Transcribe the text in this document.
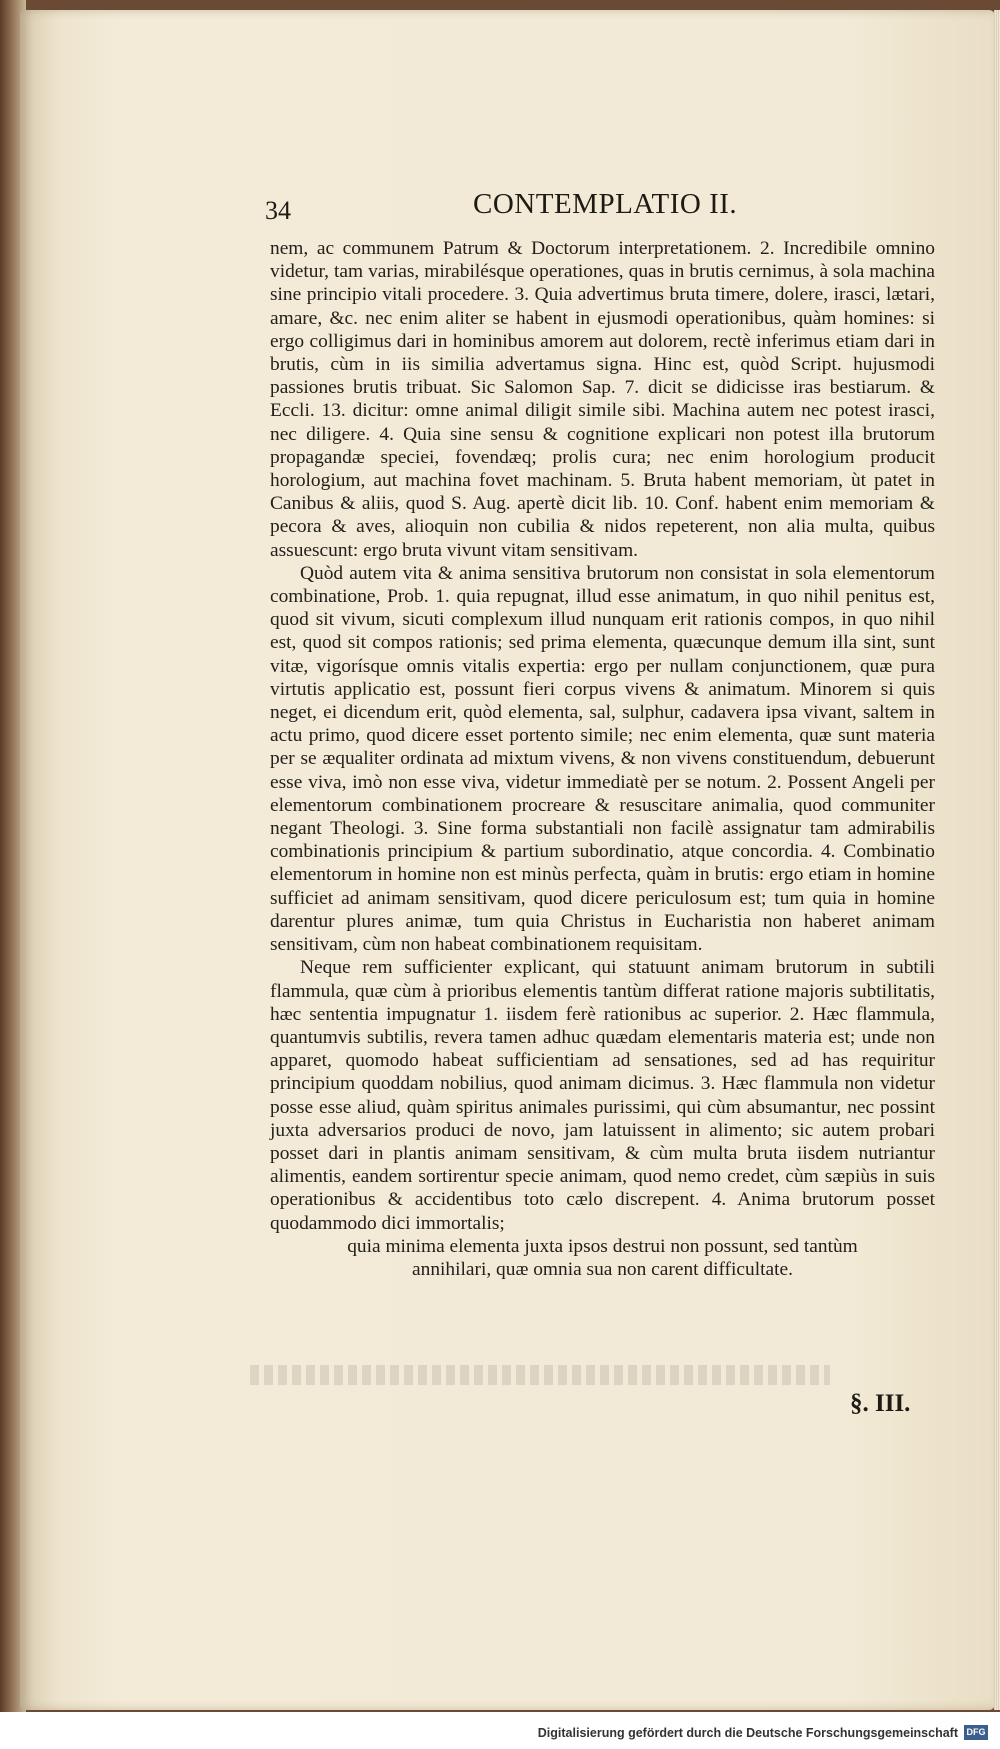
34	CONTEMPLATIO II.

nem, ac communem Patrum & Doctorum interpretationem. 2. Incredibile omnino videtur, tam varias, mirabilésque operationes, quas in brutis cernimus, à sola machina sine principio vitali procedere. 3. Quia advertimus bruta timere, dolere, irasci, lætari, amare, &c. nec enim aliter se habent in ejusmodi operationibus, quàm homines: si ergo colligimus dari in hominibus amorem aut dolorem, rectè inferimus etiam dari in brutis, cùm in iis similia advertamus signa. Hinc est, quòd Script. hujusmodi passiones brutis tribuat. Sic Salomon Sap. 7. dicit se didicisse iras bestiarum. & Eccli. 13. dicitur: omne animal diligit simile sibi. Machina autem nec potest irasci, nec diligere. 4. Quia sine sensu & cognitione explicari non potest illa brutorum propagandæ speciei, fovendæq; prolis cura; nec enim horologium producit horologium, aut machina fovet machinam. 5. Bruta habent memoriam, ùt patet in Canibus & aliis, quod S. Aug. apertè dicit lib. 10. Conf. habent enim memoriam & pecora & aves, alioquin non cubilia & nidos repeterent, non alia multa, quibus assuescunt: ergo bruta vivunt vitam sensitivam.

Quòd autem vita & anima sensitiva brutorum non consistat in sola elementorum combinatione, Prob. 1. quia repugnat, illud esse animatum, in quo nihil penitus est, quod sit vivum, sicuti complexum illud nunquam erit rationis compos, in quo nihil est, quod sit compos rationis; sed prima elementa, quæcunque demum illa sint, sunt vitæ, vigorísque omnis vitalis expertia: ergo per nullam conjunctionem, quæ pura virtutis applicatio est, possunt fieri corpus vivens & animatum. Minorem si quis neget, ei dicendum erit, quòd elementa, sal, sulphur, cadavera ipsa vivant, saltem in actu primo, quod dicere esset portento simile; nec enim elementa, quæ sunt materia per se æqualiter ordinata ad mixtum vivens, & non vivens constituendum, debuerunt esse viva, imò non esse viva, videtur immediatè per se notum. 2. Possent Angeli per elementorum combinationem procreare & resuscitare animalia, quod communiter negant Theologi. 3. Sine forma substantiali non facilè assignatur tam admirabilis combinationis principium & partium subordinatio, atque concordia. 4. Combinatio elementorum in homine non est minùs perfecta, quàm in brutis: ergo etiam in homine sufficiet ad animam sensitivam, quod dicere periculosum est; tum quia in homine darentur plures animæ, tum quia Christus in Eucharistia non haberet animam sensitivam, cùm non habeat combinationem requisitam.

Neque rem sufficienter explicant, qui statuunt animam brutorum in subtili flammula, quæ cùm à prioribus elementis tantùm differat ratione majoris subtilitatis, hæc sententia impugnatur 1. iisdem ferè rationibus ac superior. 2. Hæc flammula, quantumvis subtilis, revera tamen adhuc quædam elementaris materia est; unde non apparet, quomodo habeat sufficientiam ad sensationes, sed ad has requiritur principium quoddam nobilius, quod animam dicimus. 3. Hæc flammula non videtur posse esse aliud, quàm spiritus animales purissimi, qui cùm absumantur, nec possint juxta adversarios produci de novo, jam latuissent in alimento; sic autem probari posset dari in plantis animam sensitivam, & cùm multa bruta iisdem nutriantur alimentis, eandem sortirentur specie animam, quod nemo credet, cùm sæpiùs in suis operationibus & accidentibus toto cælo discrepent. 4. Anima brutorum posset quodammodo dici immortalis;

quia minima elementa juxta ipsos destrui non possunt, sed tantùm annihilari, quæ omnia sua non carent difficultate.

§. III.
Digitalisierung gefördert durch die Deutsche Forschungsgemeinschaft DFG
